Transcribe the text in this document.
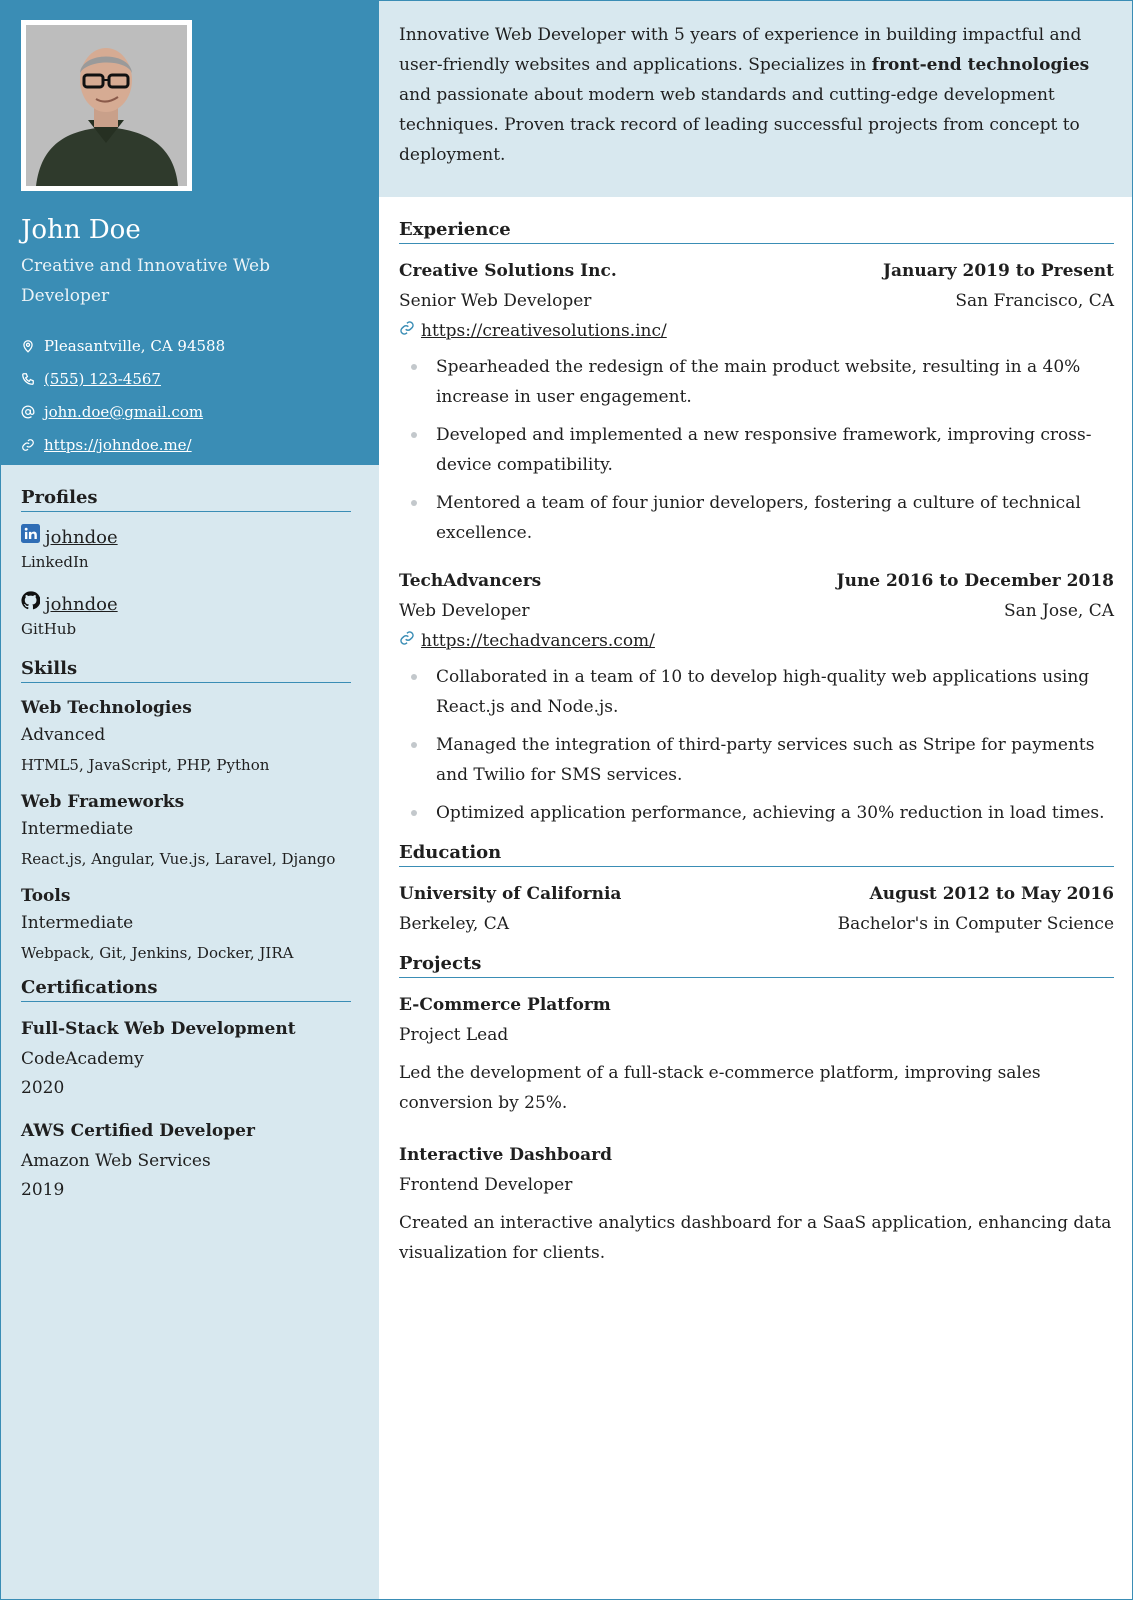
John Doe
Creative and Innovative Web Developer
Pleasantville, CA 94588
(555) 123-4567
john.doe@gmail.com
https://johndoe.me/
Profiles
johndoe
LinkedIn
johndoe
GitHub
Skills
Web Technologies
Advanced
HTML5, JavaScript, PHP, Python
Web Frameworks
Intermediate
React.js, Angular, Vue.js, Laravel, Django
Tools
Intermediate
Webpack, Git, Jenkins, Docker, JIRA
Certifications
Full-Stack Web Development
CodeAcademy
2020
AWS Certified Developer
Amazon Web Services
2019
Innovative Web Developer with 5 years of experience in building impactful and user-friendly websites and applications. Specializes in front-end technologies and passionate about modern web standards and cutting-edge development techniques. Proven track record of leading successful projects from concept to deployment.
Experience
Creative Solutions Inc.	January 2019 to Present
Senior Web Developer	San Francisco, CA
https://creativesolutions.inc/
Spearheaded the redesign of the main product website, resulting in a 40% increase in user engagement.
Developed and implemented a new responsive framework, improving cross-device compatibility.
Mentored a team of four junior developers, fostering a culture of technical excellence.
TechAdvancers	June 2016 to December 2018
Web Developer	San Jose, CA
https://techadvancers.com/
Collaborated in a team of 10 to develop high-quality web applications using React.js and Node.js.
Managed the integration of third-party services such as Stripe for payments and Twilio for SMS services.
Optimized application performance, achieving a 30% reduction in load times.
Education
University of California	August 2012 to May 2016
Berkeley, CA	Bachelor's in Computer Science
Projects
E-Commerce Platform
Project Lead
Led the development of a full-stack e-commerce platform, improving sales conversion by 25%.
Interactive Dashboard
Frontend Developer
Created an interactive analytics dashboard for a SaaS application, enhancing data visualization for clients.
